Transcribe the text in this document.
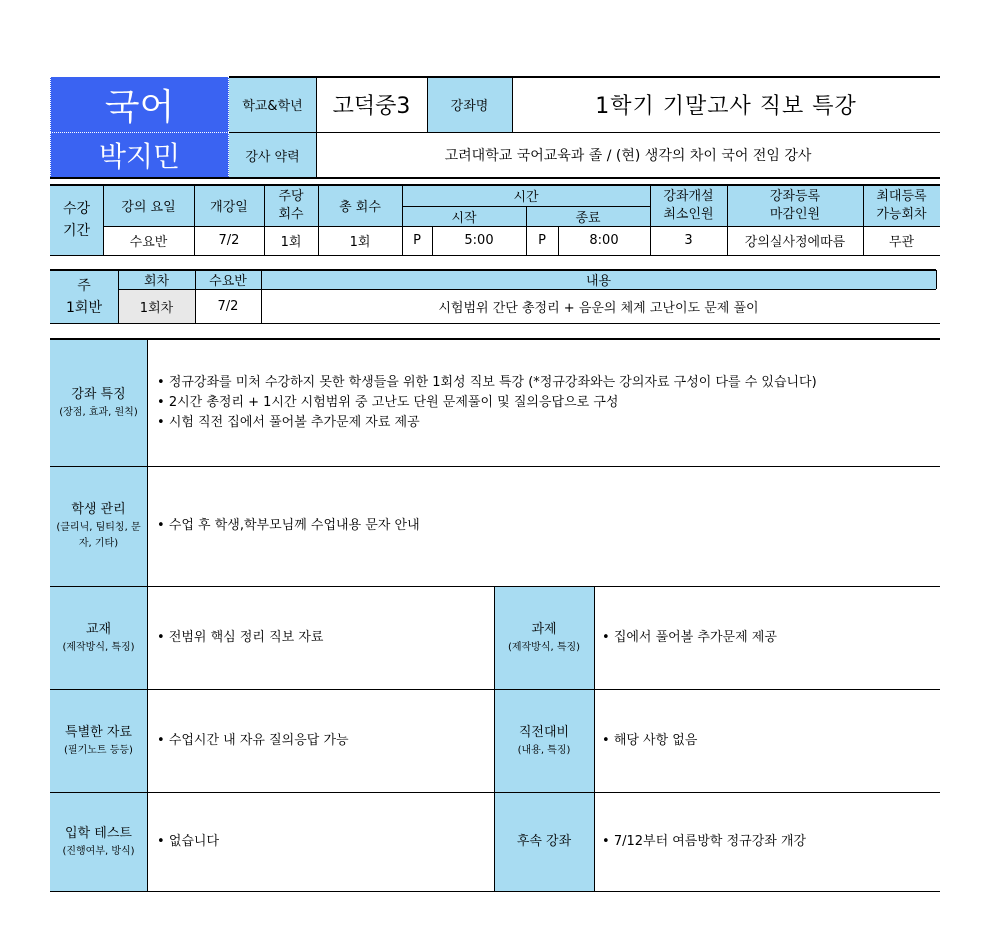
국어
박지민
학교&학년 고덕중3	강좌명	1학기 기말고사 직보 특강
강사 약력	고려대학교 국어교육과 졸 / (현) 생각의 차이 국어 전임 강사
수강
기간
강의 요일	개강일
주당
회수	총 회수
시간
시작	종료
강좌개설
최소인원
강좌등록
마감인원
최대등록
가능회차
수요반	7/2	1회	1회	P	5:00	P	8:00	3	강의실사정에따름	무관
주
1회반
회차	수요반	내용
1회차	7/2	시험범위 간단 총정리 + 음운의 체계 고난이도 문제 풀이
강좌 특징
(장점, 효과, 원칙)
• 정규강좌를 미처 수강하지 못한 학생들을 위한 1회성 직보 특강 (*정규강좌와는 강의자료 구성이 다를 수 있습니다)
• 2시간 총정리 + 1시간 시험범위 중 고난도 단원 문제풀이 및 질의응답으로 구성
• 시험 직전 집에서 풀어볼 추가문제 자료 제공
학생 관리
(클리닉, 팀티칭, 문자, 기타)
• 수업 후 학생,학부모님께 수업내용 문자 안내
교재
(제작방식, 특징)
• 전범위 핵심 정리 직보 자료
과제
(제작방식, 특징)
• 집에서 풀어볼 추가문제 제공
특별한 자료
(필기노트 등등)
• 수업시간 내 자유 질의응답 가능
직전대비
(내용, 특징)
• 해당 사항 없음
입학 테스트
(진행여부, 방식)
• 없습니다	후속 강좌
•	7/12부터 여름방학 정규강좌 개강
